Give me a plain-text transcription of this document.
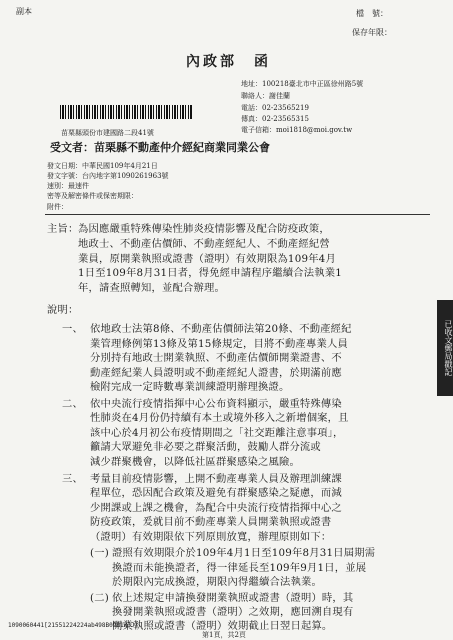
副本	檔　號：
保存年限：
內政部　函
地址：100218臺北市中正區徐州路5號
聯絡人：謝佳蘭
電話：02-23565219
傳真：02-23565315
電子信箱：moi1818@moi.gov.tw
苗栗縣頭份市建國路二段41號
受文者：苗栗縣不動產仲介經紀商業同業公會
發文日期：中華民國109年4月21日
發文字號：台內地字第1090261963號
速別：最速件
密等及解密條件或保密期限：
附件：
主旨： 為因應嚴重特殊傳染性肺炎疫情影響及配合防疫政策，
地政士、不動產估價師、不動產經紀人、不動產經紀營
業員，原開業執照或證書（證明）有效期限為109年4月
1日至109年8月31日者，得免經申請程序繼續合法執業1
年，請查照轉知，並配合辦理。
說明：
一、 依地政士法第8條、不動產估價師法第20條、不動產經紀
業管理條例第13條及第15條規定，目將不動產專業人員
分別持有地政士開業執照、不動產估價師開業證書、不
動產經紀業人員證明或不動產經紀人證書，於期滿前應
檢附完成一定時數專業訓練證明辦理換證。
二、 依中央流行疫情指揮中心公布資料顯示，嚴重特殊傳染
性肺炎在4月份仍持續有本土或境外移入之新增個案，且
該中心於4月初公布疫情期間之「社交距離注意事項」，
籲請大眾避免非必要之群聚活動，鼓勵人群分流或
減少群聚機會，以降低社區群聚感染之風險。
三、 考量目前疫情影響，上開不動產專業人員及辦理訓練課
程單位，恐因配合政策及避免有群聚感染之疑慮，而減
少開課或上課之機會，為配合中央流行疫情指揮中心之
防疫政策，爰就目前不動產專業人員開業執照或證書
（證明）有效期限依下列原則放寬，辦理原則如下：
(一) 證照有效期限介於109年4月1日至109年8月31日屆期需
換證而未能換證者，得一律延長至109年9月1日，並展
於期限內完成換證，期限內得繼續合法執業。
(二) 依上述規定申請換發開業執照或證書（證明）時，其
換發開業執照或證書（證明）之效期，應回溯自現有
開業執照或證書（證明）效期截止日翌日起算。
1090060441[21551224224ab498B09B1W3J]
第1頁，共2頁
已收文郵局戳記
